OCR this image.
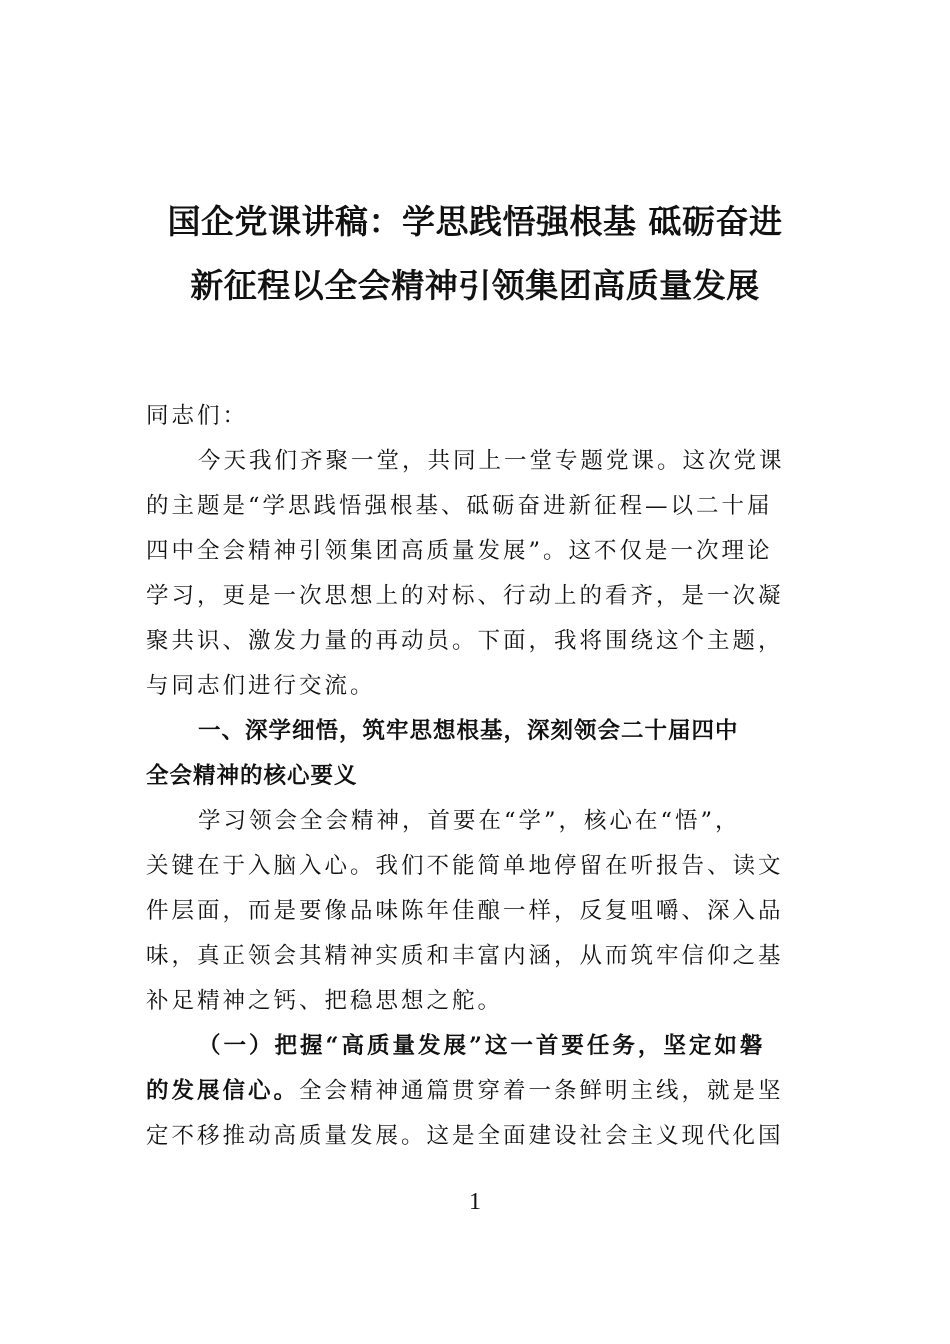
国企党课讲稿：学思践悟强根基 砥砺奋进
新征程以全会精神引领集团高质量发展
同志们：
今天我们齐聚一堂，共同上一堂专题党课。这次党课
的主题是“学思践悟强根基、砥砺奋进新征程—以二十届
四中全会精神引领集团高质量发展”。这不仅是一次理论
学习，更是一次思想上的对标、行动上的看齐，是一次凝
聚共识、激发力量的再动员。下面，我将围绕这个主题，
与同志们进行交流。
一、深学细悟，筑牢思想根基，深刻领会二十届四中
全会精神的核心要义
学习领会全会精神，首要在“学”，核心在“悟”，
关键在于入脑入心。我们不能简单地停留在听报告、读文
件层面，而是要像品味陈年佳酿一样，反复咀嚼、深入品
味，真正领会其精神实质和丰富内涵，从而筑牢信仰之基
补足精神之钙、把稳思想之舵。
（一）把握“高质量发展”这一首要任务，坚定如磐
的发展信心。全会精神通篇贯穿着一条鲜明主线，就是坚
定不移推动高质量发展。这是全面建设社会主义现代化国
1
